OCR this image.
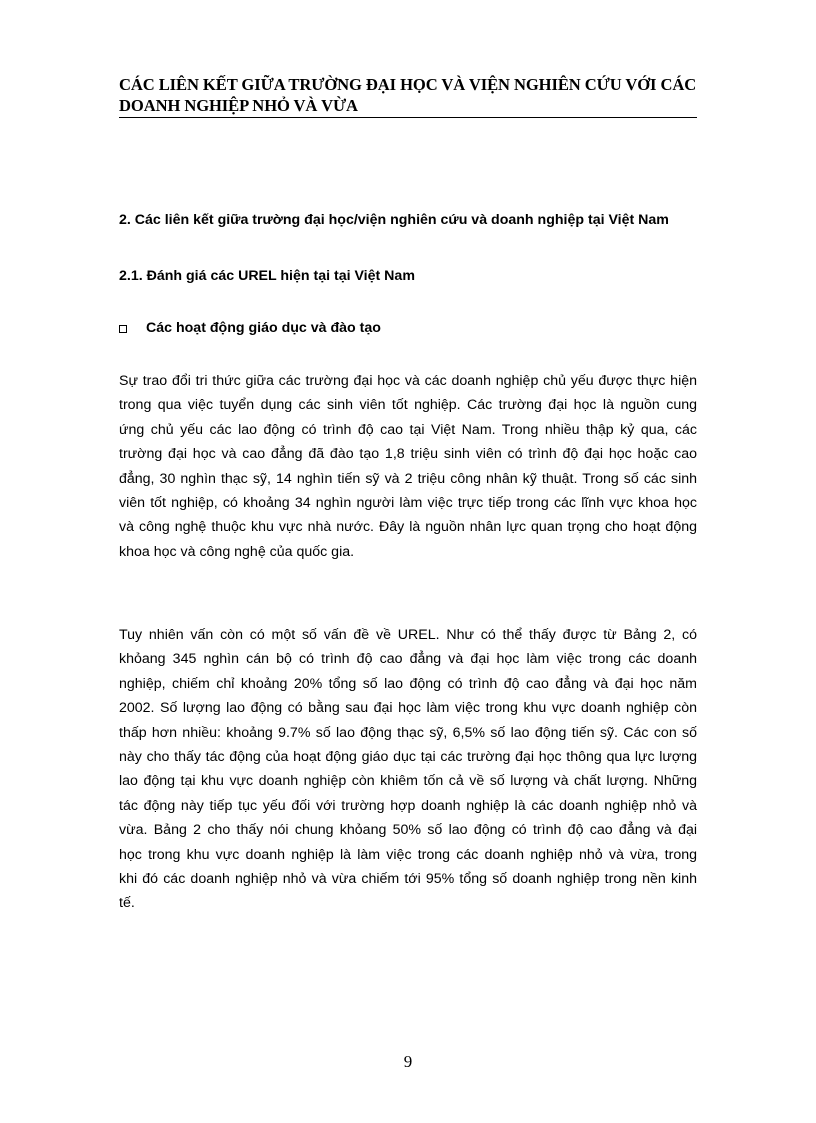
CÁC LIÊN KẾT GIỮA TRƯỜNG ĐẠI HỌC VÀ VIỆN NGHIÊN CỨU VỚI CÁC
DOANH NGHIỆP NHỎ VÀ VỪA
2. Các liên kết giữa trường đại học/viện nghiên cứu và doanh nghiệp tại Việt Nam
2.1. Đánh giá các UREL hiện tại tại Việt Nam
Các hoạt động giáo dục và đào tạo
Sự trao đổi tri thức giữa các trường đại học và các doanh nghiệp chủ yếu được thực hiện
trong qua việc tuyển dụng các sinh viên tốt nghiệp. Các trường đại học là nguồn cung
ứng chủ yếu các lao động có trình độ cao tại Việt Nam. Trong nhiều thập kỷ qua, các
trường đại học và cao đẳng đã đào tạo 1,8 triệu sinh viên có trình độ đại học hoặc cao
đẳng, 30 nghìn thạc sỹ, 14 nghìn tiến sỹ và 2 triệu công nhân kỹ thuật. Trong số các sinh
viên tốt nghiệp, có khoảng 34 nghìn người làm việc trực tiếp trong các lĩnh vực khoa học
và công nghệ thuộc khu vực nhà nước. Đây là nguồn nhân lực quan trọng cho hoạt động
khoa học và công nghệ của quốc gia.
Tuy nhiên vấn còn có một số vấn đề về UREL. Như có thể thấy được từ Bảng 2, có
khỏang 345 nghìn cán bộ có trình độ cao đẳng và đại học làm việc trong các doanh
nghiệp, chiếm chỉ khoảng 20% tổng số lao động có trình độ cao đẳng và đại học năm
2002. Số lượng lao động có bằng sau đại học làm việc trong khu vực doanh nghiệp còn
thấp hơn nhiều: khoảng 9.7% số lao động thạc sỹ, 6,5% số lao động tiến sỹ. Các con số
này cho thấy tác động của hoạt động giáo dục tại các trường đại học thông qua lực lượng
lao động tại khu vực doanh nghiệp còn khiêm tốn cả về số lượng và chất lượng. Những
tác động này tiếp tục yếu đối với trường hợp doanh nghiệp là các doanh nghiệp nhỏ và
vừa. Bảng 2 cho thấy nói chung khỏang 50% số lao động có trình độ cao đẳng và đại
học trong khu vực doanh nghiệp là làm việc trong các doanh nghiệp nhỏ và vừa, trong
khi đó các doanh nghiệp nhỏ và vừa chiếm tới 95% tổng số doanh nghiệp trong nền kinh
tế.
9
